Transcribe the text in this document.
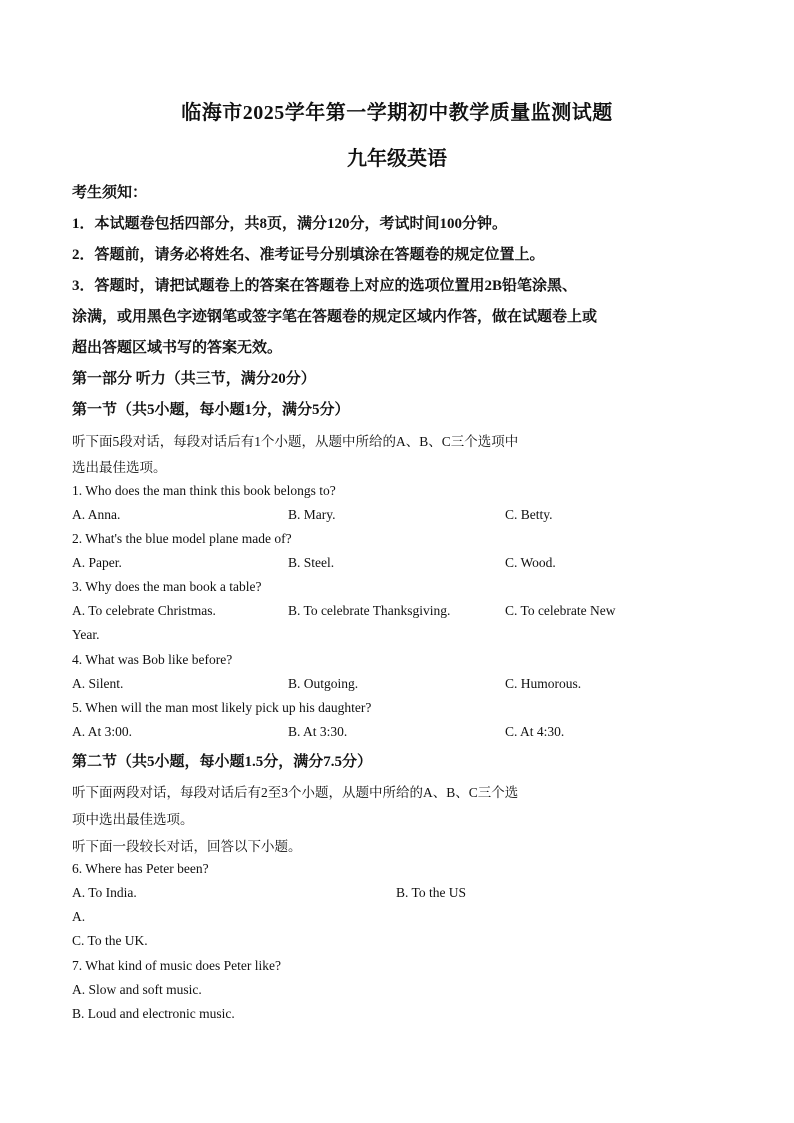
临海市2025学年第一学期初中教学质量监测试题
九年级英语
考生须知：
1．本试题卷包括四部分，共8页，满分120分，考试时间100分钟。
2．答题前，请务必将姓名、准考证号分别填涂在答题卷的规定位置上。
3．答题时，请把试题卷上的答案在答题卷上对应的选项位置用2B铅笔涂黑、
涂满，或用黑色字迹钢笔或签字笔在答题卷的规定区域内作答，做在试题卷上或
超出答题区域书写的答案无效。
第一部分 听力（共三节，满分20分）
第一节（共5小题，每小题1分，满分5分）
听下面5段对话，每段对话后有1个小题，从题中所给的A、B、C三个选项中
选出最佳选项。
1. Who does the man think this book belongs to?
A. Anna.	B. Mary.	C. Betty.
2. What's the blue model plane made of?
A. Paper.	B. Steel.	C. Wood.
3. Why does the man book a table?
A. To celebrate Christmas.	B. To celebrate Thanksgiving.	C. To celebrate New
Year.
4. What was Bob like before?
A. Silent.	B. Outgoing.	C. Humorous.
5. When will the man most likely pick up his daughter?
A. At 3:00.	B. At 3:30.	C. At 4:30.
第二节（共5小题，每小题1.5分，满分7.5分）
听下面两段对话，每段对话后有2至3个小题，从题中所给的A、B、C三个选
项中选出最佳选项。
听下面一段较长对话，回答以下小题。
6. Where has Peter been?
A. To India.	B. To the US
A.
C. To the UK.
7. What kind of music does Peter like?
A. Slow and soft music.
B. Loud and electronic music.
